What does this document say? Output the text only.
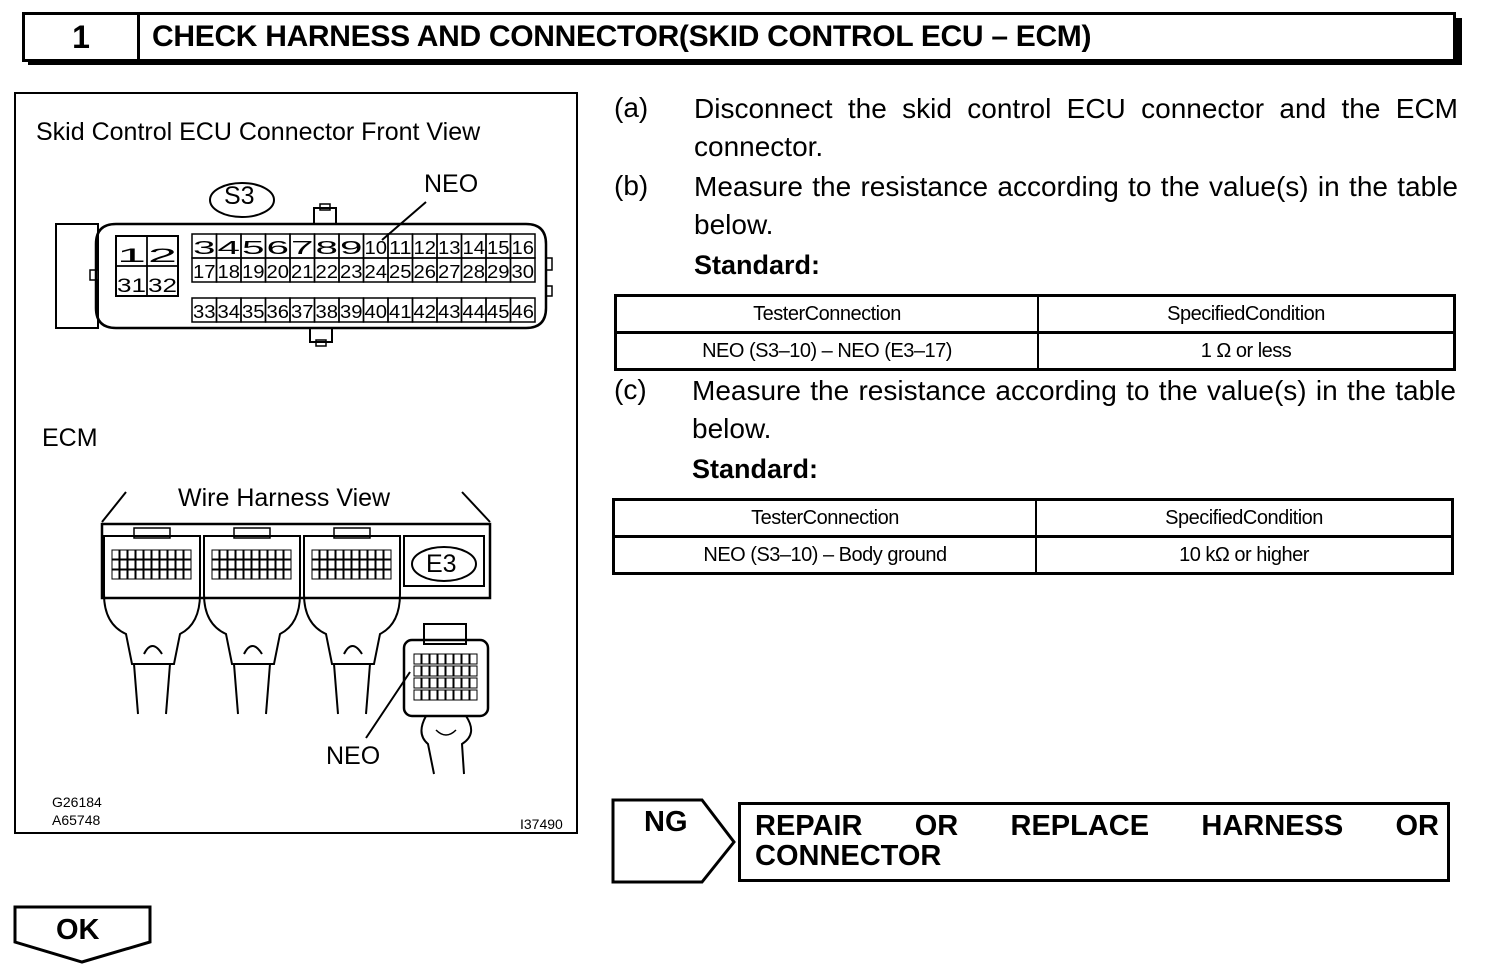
1	CHECK HARNESS AND CONNECTOR(SKID CONTROL ECU – ECM)
Skid Control ECU Connector Front View
1 2
31 32
3 4 5 6 7 8 9 10 11 12 13 14 15 16
17 18 19 20 21 22 23 24 25 26 27 28 29 30
33 34 35 36 37 38 39 40 41 42 43 44 45 46
S3	NEO
ECM
Wire Harness View
E3
NEO
G26184
A65748	I37490
(a) Disconnect the skid control ECU connector and the ECM connector.
(b) Measure the resistance according to the value(s) in the table below.
Standard:
TesterConnection	SpecifiedCondition
NEO (S3–10) – NEO (E3–17)	1 Ω or less
(c) Measure the resistance according to the value(s) in the table below.
Standard:
TesterConnection	SpecifiedCondition
NEO (S3–10) – Body ground	10 kΩ or higher
NG REPAIR OR REPLACE HARNESS OR
CONNECTOR
OK
